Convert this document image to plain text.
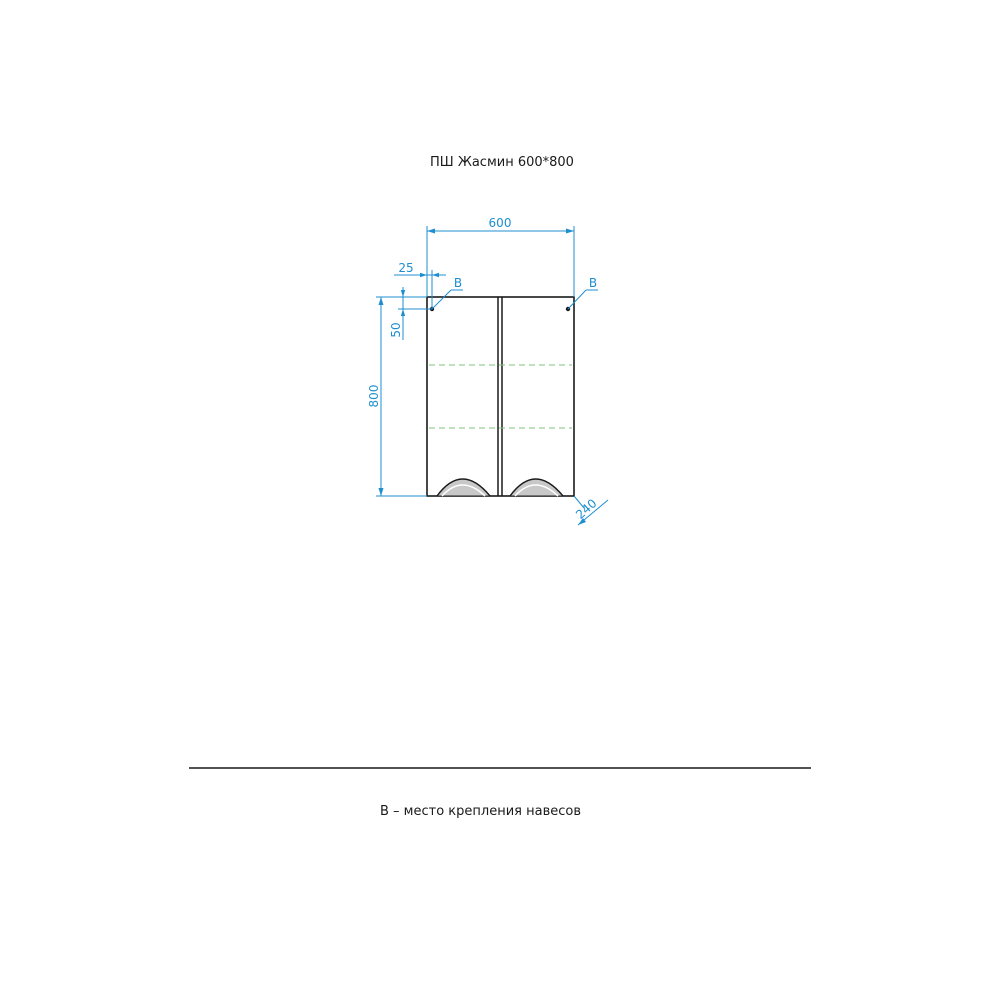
ПШ Жасмин 600*800
600
25
50
800
240
В	В
В – место крепления навесов
